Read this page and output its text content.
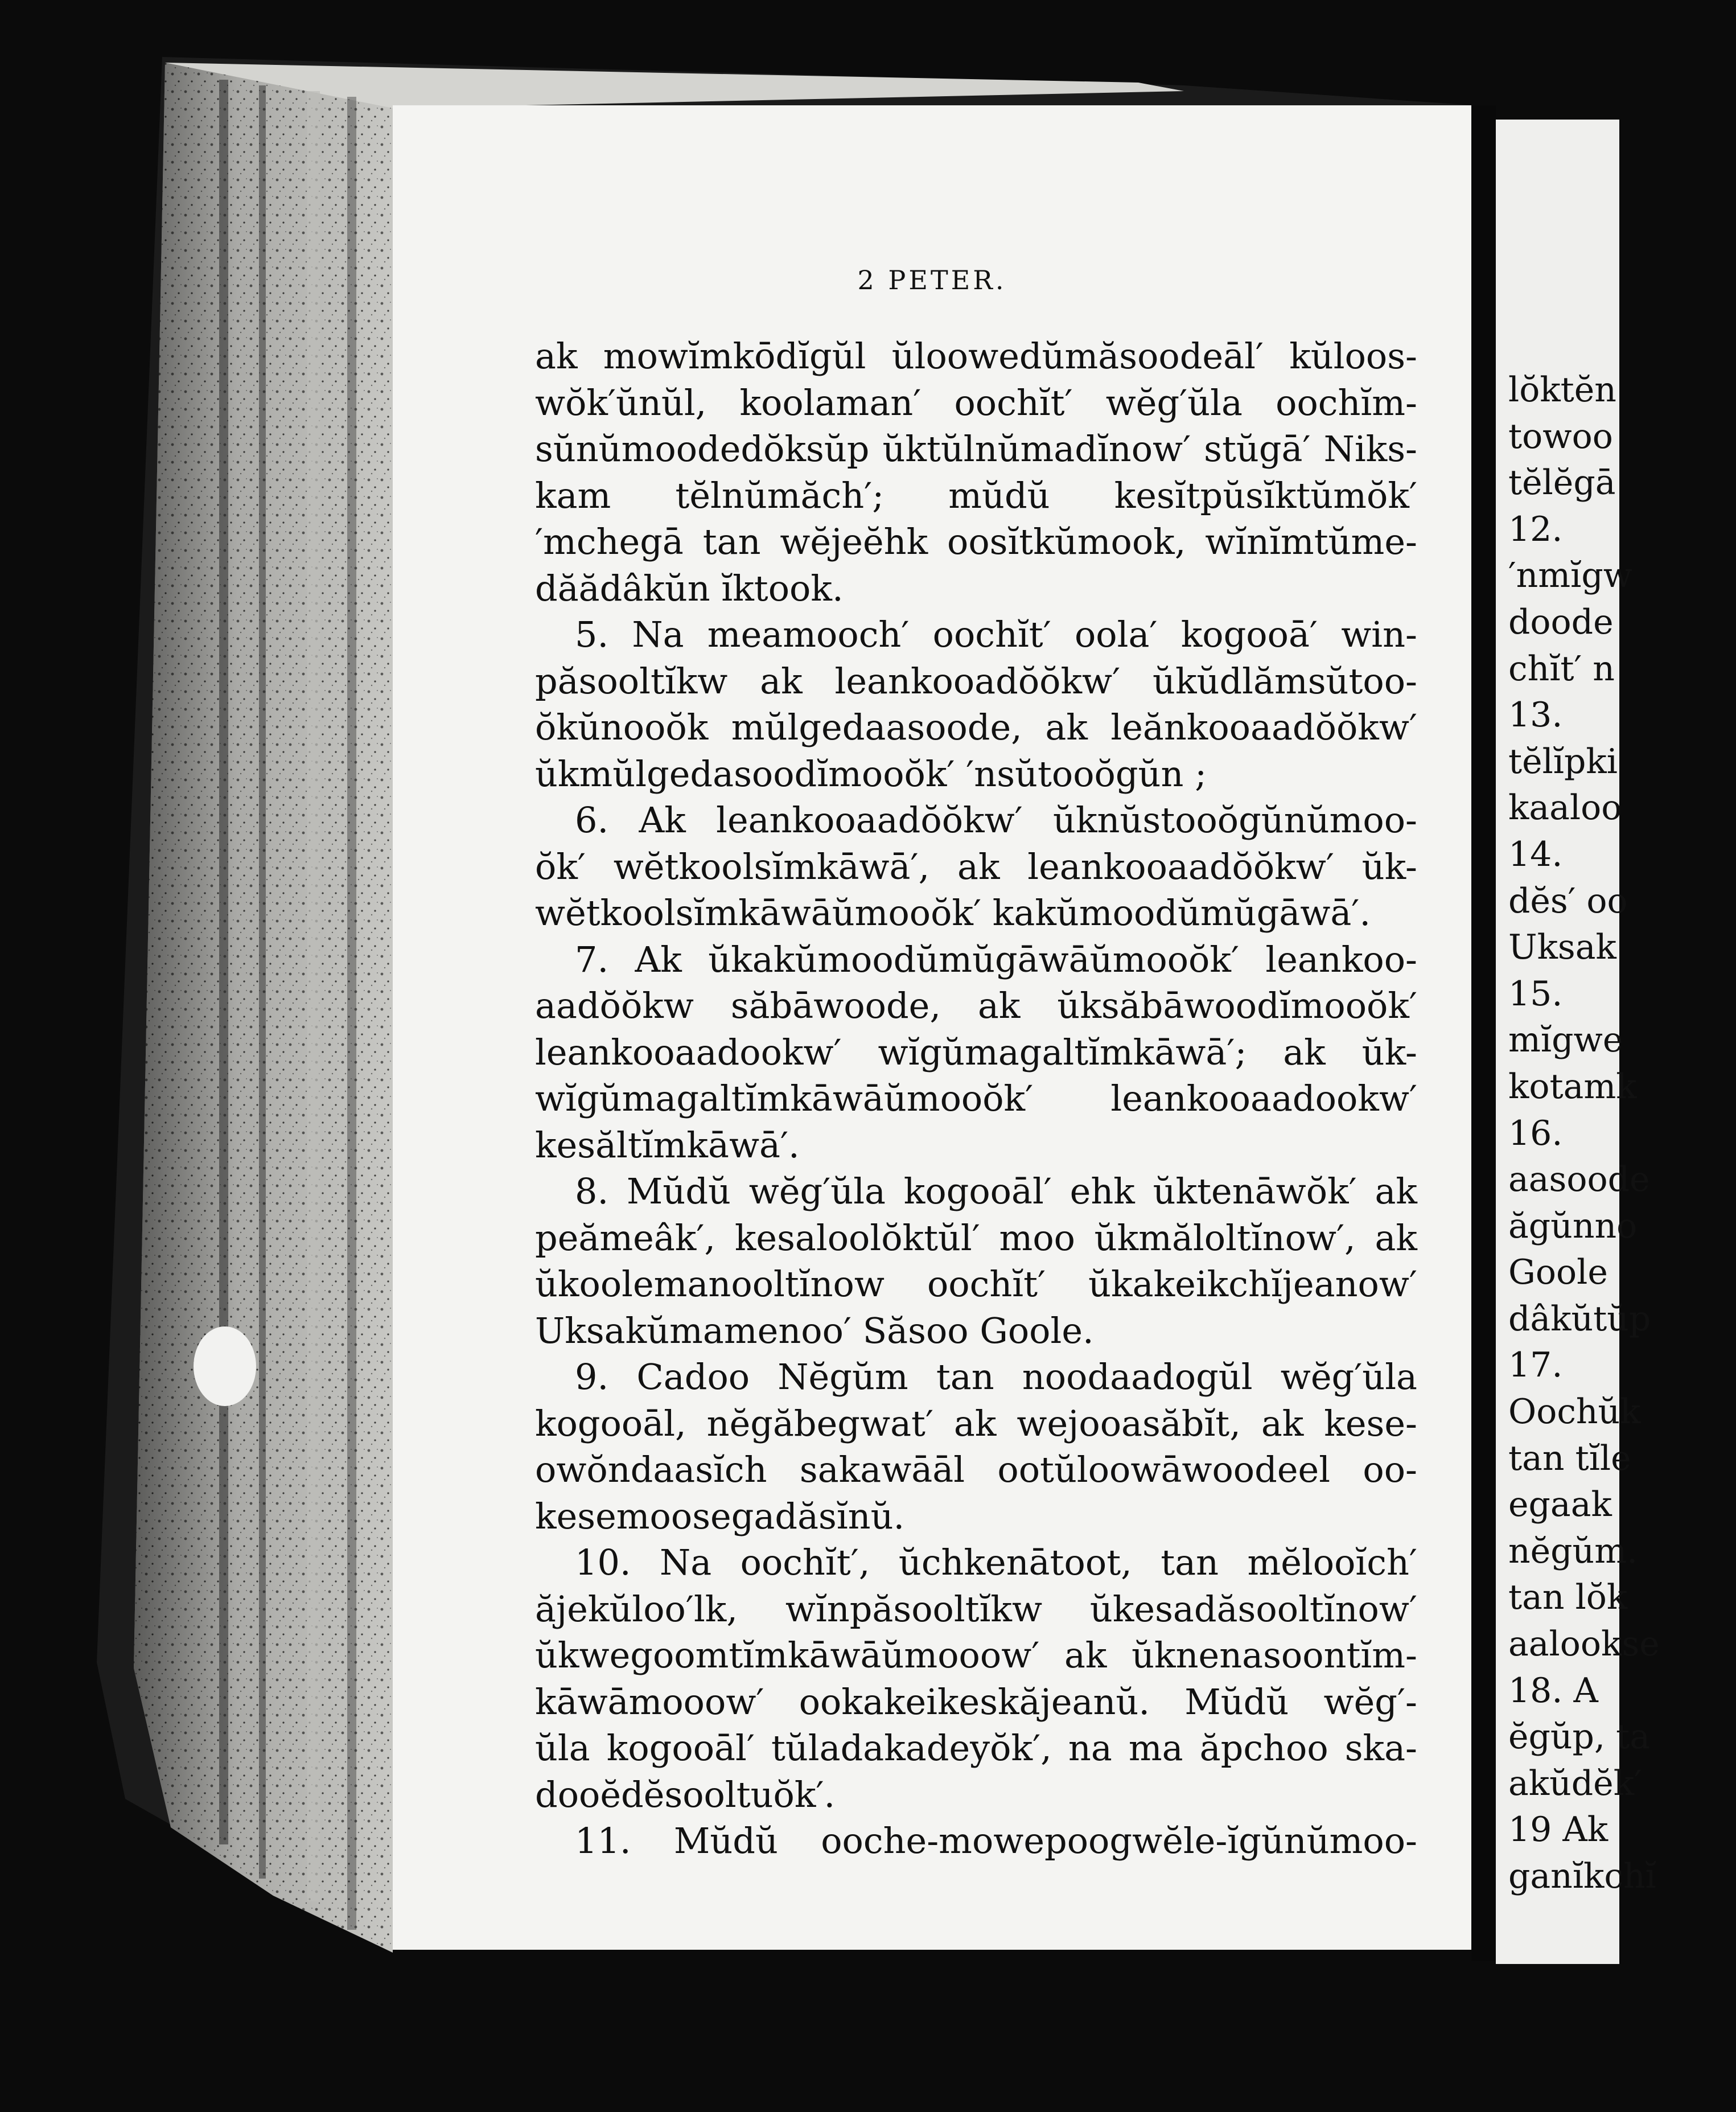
2 PETER.
ak mowĭmkōdĭgŭl ŭloowedŭmăsoodeāl′ kŭloos-
wŏk′ŭnŭl, koolaman′ oochĭt′ wĕg′ŭla oochĭm-
sŭnŭmoodedŏksŭp ŭktŭlnŭmadĭnow′ stŭgā′ Niks-
kam tĕlnŭmăch′; mŭdŭ kesĭtpŭsĭktŭmŏk′
′mchegā tan wĕjeĕhk oosĭtkŭmook, wĭnĭmtŭme-
dăădâkŭn ĭktook.
5. Na meamooch′ oochĭt′ oola′ kogooā′ win-
păsooltĭkw ak leankooadŏŏkw′ ŭkŭdlămsŭtoo-
ŏkŭnooŏk mŭlgedaasoode, ak leănkooaadŏŏkw′
ŭkmŭlgedasoodĭmooŏk′ ′nsŭtooŏgŭn ;
6. Ak leankooaadŏŏkw′ ŭknŭstooŏgŭnŭmoo-
ŏk′ wĕtkoolsĭmkāwā′, ak leankooaadŏŏkw′ ŭk-
wĕtkoolsĭmkāwāŭmooŏk′ kakŭmoodŭmŭgāwā′.
7. Ak ŭkakŭmoodŭmŭgāwāŭmooŏk′ leankoo-
aadŏŏkw săbāwoode, ak ŭksăbāwoodĭmooŏk′
leankooaadookw′ wĭgŭmagaltĭmkāwā′; ak ŭk-
wĭgŭmagaltĭmkāwāŭmooŏk′ leankooaadookw′
kesăltĭmkāwā′.
8. Mŭdŭ wĕg′ŭla kogooāl′ ehk ŭktenāwŏk′ ak
peămeâk′, kesaloolŏktŭl′ moo ŭkmăloltĭnow′, ak
ŭkoolemanooltĭnow oochĭt′ ŭkakeikchĭjeanow′
Uksakŭmamenoo′ Săsoo Goole.
9. Cadoo Nĕgŭm tan noodaadogŭl wĕg′ŭla
kogooāl, nĕgăbegwat′ ak wejooasăbĭt, ak kese-
owŏndaasĭch sakawāāl ootŭloowāwoodeel oo-
kesemoosegadăsĭnŭ.
10. Na oochĭt′, ŭchkenātoot, tan mĕlooĭch′
ăjekŭloo′lk, wĭnpăsooltĭkw ŭkesadăsooltĭnow′
ŭkwegoomtĭmkāwāŭmooow′ ak ŭknenasoontĭm-
kāwāmooow′ ookakeikeskăjeanŭ. Mŭdŭ wĕg′-
ŭla kogooāl′ tŭladakadeyŏk′, na ma ăpchoo ska-
dooĕdĕsooltuŏk′.
11. Mŭdŭ ooche-mowepoogwĕle-ĭgŭnŭmoo-
lŏktĕn
towoo
tĕlĕgā
12.
′nmĭgw
doode
chĭt′ n
13.
tĕlĭpki
kaaloo
14.
dĕs′ oo
Uksak
15.
mĭgwe
kotamk
16.
aasoode
ăgŭnno
Goole
dâkŭtŭp
17.
Oochŭk
tan tĭle
egaak
nĕgŭm.
tan lŏk
aalookse
18. A
ĕgŭp, ta
akŭdĕk′
19 Ak
ganĭkchĭ
